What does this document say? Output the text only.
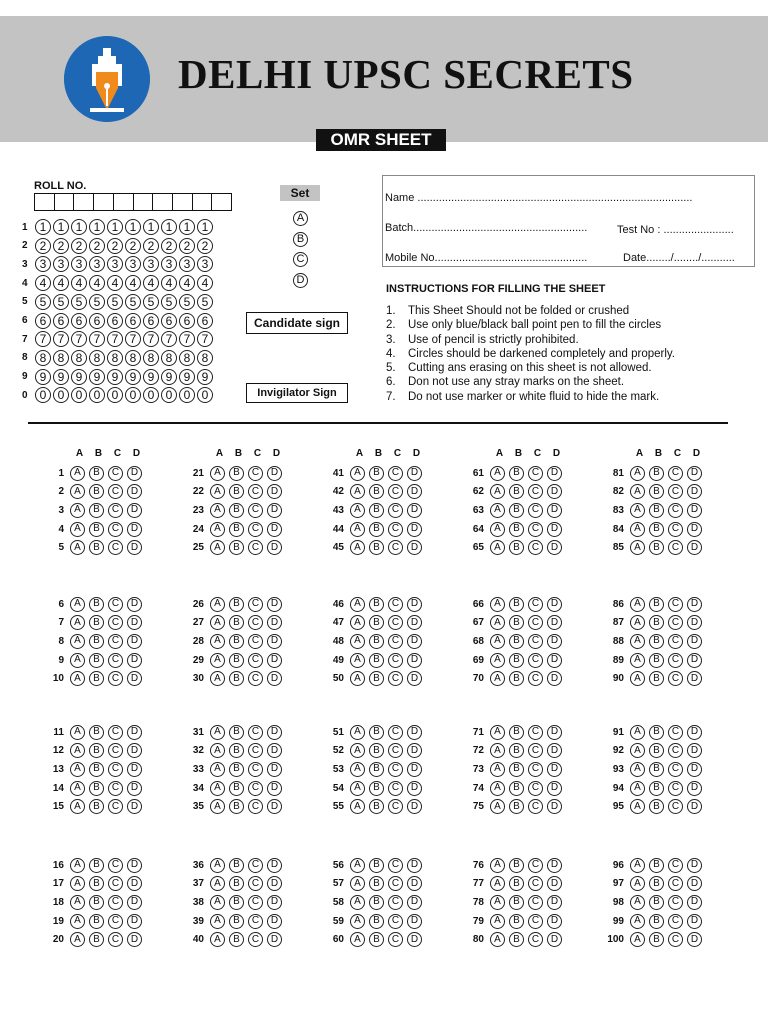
DELHI UPSC SECRETS
OMR SHEET
ROLL NO.
1	1 1 1 1 1 1 1 1 1 1
2	2 2 2 2 2 2 2 2 2 2
3	3 3 3 3 3 3 3 3 3 3
4	4 4 4 4 4 4 4 4 4 4
5	5 5 5 5 5 5 5 5 5 5
6	6 6 6 6 6 6 6 6 6 6
7	7 7 7 7 7 7 7 7 7 7
8	8 8 8 8 8 8 8 8 8 8
9	9 9 9 9 9 9 9 9 9 9
0	0 0 0 0 0 0 0 0 0 0
Set
A
B
C
D
Candidate sign
Invigilator Sign
Name ..........................................................................................
Batch.........................................................	Test No : .......................
Mobile No..................................................	Date......../......../...........
INSTRUCTIONS FOR FILLING THE SHEET
1.	This Sheet Should not be folded or crushed
2.	Use only blue/black ball point pen to fill the circles
3.	Use of pencil is strictly prohibited.
4.	Circles should be darkened completely and properly.
5.	Cutting ans erasing on this sheet is not allowed.
6.	Don not use any stray marks on the sheet.
7.	Do not use marker or white fluid to hide the mark.
A	B	C	D
1	A	B	C	D
2	A	B	C	D
3	A	B	C	D
4	A	B	C	D
5	A	B	C	D
6	A	B	C	D
7	A	B	C	D
8	A	B	C	D
9	A	B	C	D
10	A	B	C	D
11	A	B	C	D
12	A	B	C	D
13	A	B	C	D
14	A	B	C	D
15	A	B	C	D
16	A	B	C	D
17	A	B	C	D
18	A	B	C	D
19	A	B	C	D
20	A	B	C	D
A	B	C	D
21	A	B	C	D
22	A	B	C	D
23	A	B	C	D
24	A	B	C	D
25	A	B	C	D
26	A	B	C	D
27	A	B	C	D
28	A	B	C	D
29	A	B	C	D
30	A	B	C	D
31	A	B	C	D
32	A	B	C	D
33	A	B	C	D
34	A	B	C	D
35	A	B	C	D
36	A	B	C	D
37	A	B	C	D
38	A	B	C	D
39	A	B	C	D
40	A	B	C	D
A	B	C	D
41	A	B	C	D
42	A	B	C	D
43	A	B	C	D
44	A	B	C	D
45	A	B	C	D
46	A	B	C	D
47	A	B	C	D
48	A	B	C	D
49	A	B	C	D
50	A	B	C	D
51	A	B	C	D
52	A	B	C	D
53	A	B	C	D
54	A	B	C	D
55	A	B	C	D
56	A	B	C	D
57	A	B	C	D
58	A	B	C	D
59	A	B	C	D
60	A	B	C	D
A	B	C	D
61	A	B	C	D
62	A	B	C	D
63	A	B	C	D
64	A	B	C	D
65	A	B	C	D
66	A	B	C	D
67	A	B	C	D
68	A	B	C	D
69	A	B	C	D
70	A	B	C	D
71	A	B	C	D
72	A	B	C	D
73	A	B	C	D
74	A	B	C	D
75	A	B	C	D
76	A	B	C	D
77	A	B	C	D
78	A	B	C	D
79	A	B	C	D
80	A	B	C	D
A	B	C	D
81	A	B	C	D
82	A	B	C	D
83	A	B	C	D
84	A	B	C	D
85	A	B	C	D
86	A	B	C	D
87	A	B	C	D
88	A	B	C	D
89	A	B	C	D
90	A	B	C	D
91	A	B	C	D
92	A	B	C	D
93	A	B	C	D
94	A	B	C	D
95	A	B	C	D
96	A	B	C	D
97	A	B	C	D
98	A	B	C	D
99	A	B	C	D
100	A	B	C	D
